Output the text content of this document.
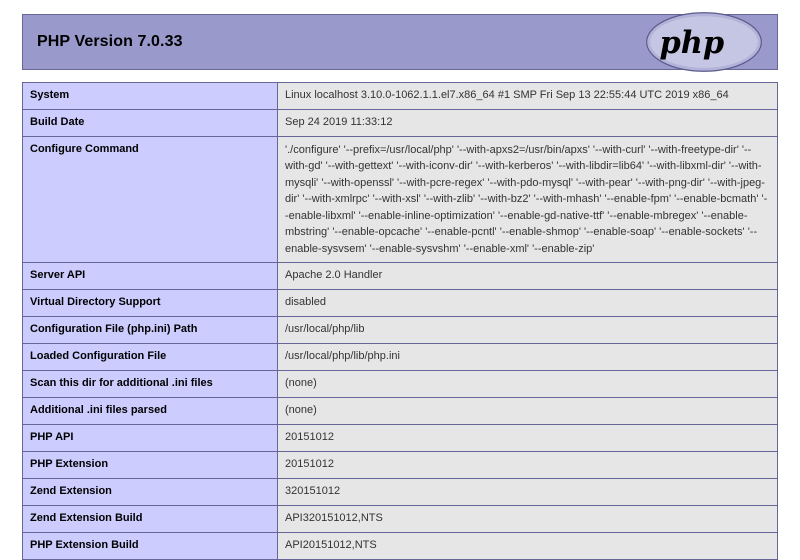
PHP Version 7.0.33	php
System	Linux localhost 3.10.0-1062.1.1.el7.x86_64 #1 SMP Fri Sep 13 22:55:44 UTC 2019 x86_64
Build Date	Sep 24 2019 11:33:12
Configure Command	'./configure' '--prefix=/usr/local/php' '--with-apxs2=/usr/bin/apxs' '--with-curl' '--with-freetype-dir' '--with-gd' '--with-gettext' '--with-iconv-dir' '--with-kerberos' '--with-libdir=lib64' '--with-libxml-dir' '--with-mysqli' '--with-openssl' '--with-pcre-regex' '--with-pdo-mysql' '--with-pear' '--with-png-dir' '--with-jpeg-dir' '--with-xmlrpc' '--with-xsl' '--with-zlib' '--with-bz2' '--with-mhash' '--enable-fpm' '--enable-bcmath' '--enable-libxml' '--enable-inline-optimization' '--enable-gd-native-ttf' '--enable-mbregex' '--enable-mbstring' '--enable-opcache' '--enable-pcntl' '--enable-shmop' '--enable-soap' '--enable-sockets' '--enable-sysvsem' '--enable-sysvshm' '--enable-xml' '--enable-zip'
Server API	Apache 2.0 Handler
Virtual Directory Support	disabled
Configuration File (php.ini) Path	/usr/local/php/lib
Loaded Configuration File	/usr/local/php/lib/php.ini
Scan this dir for additional .ini files	(none)
Additional .ini files parsed	(none)
PHP API	20151012
PHP Extension	20151012
Zend Extension	320151012
Zend Extension Build	API320151012,NTS
PHP Extension Build	API20151012,NTS
